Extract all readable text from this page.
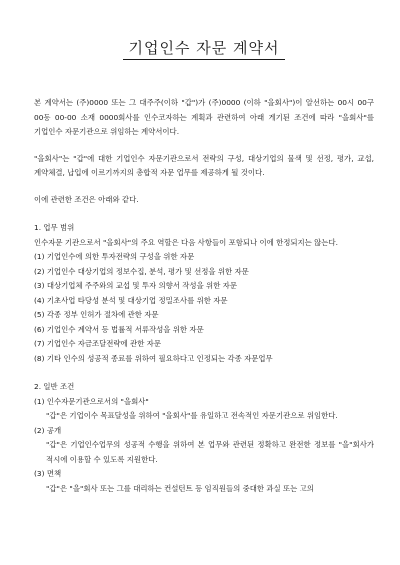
기업인수 자문 계약서

본 계약서는 (주)0000 또는 그 대주주(이하 "갑")가 (주)0000 (이하 "을회사")이 알선하는 00시 00구 00동 00-00 소재 0000회사를 인수코자하는 계획과 관련하여 아래 게기된 조건에 따라 "을회사"를 기업인수 자문기관으로 위임하는 계약서이다.

"을회사"는 "갑"에 대한 기업인수 자문기관으로서 전략의 구성, 대상기업의 물색 및 선정, 평가, 교섭, 계약체결, 납입에 이르기까지의 총합적 자문 업무를 제공하게 될 것이다.

이에 관련한 조건은 아래와 같다.

1. 업무 범위

인수자문 기관으로서 "을회사"의 주요 역할은 다음 사항들이 포함되나 이에 한정되지는 않는다.

(1) 기업인수에 의한 투자전략의 구성을 위한 자문

(2) 기업인수 대상기업의 정보수집, 분석, 평가 및 선정을 위한 자문

(3) 대상기업체 주주와의 교섭 및 투자 의향서 작성을 위한 자문

(4) 기초사업 타당성 분석 및 대상기업 정밀조사를 위한 자문

(5) 각종 정부 인허가 절차에 관한 자문

(6) 기업인수 계약서 등 법률적 서류작성을 위한 자문

(7) 기업인수 자금조달전략에 관한 자문

(8) 기타 인수의 성공적 종료를 위하여 필요하다고 인정되는 각종 자문업무

2. 일반 조건

(1) 인수자문기관으로서의 "을회사"

"갑"은 기업이수 목표달성을 위하여 "을회사"를 유일하고 전속적인 자문기관으로 위임한다.

(2) 공개

"갑"은 기업인수업무의 성공적 수행을 위하여 본 업무와 관련된 정확하고 완전한 정보를 "을"회사가 적시에 이용할 수 있도록 지원한다.

(3) 면책

"갑"은 "을"회사 또는 그를 대리하는 컨설턴트 등 임직원들의 중대한 과실 또는 고의
